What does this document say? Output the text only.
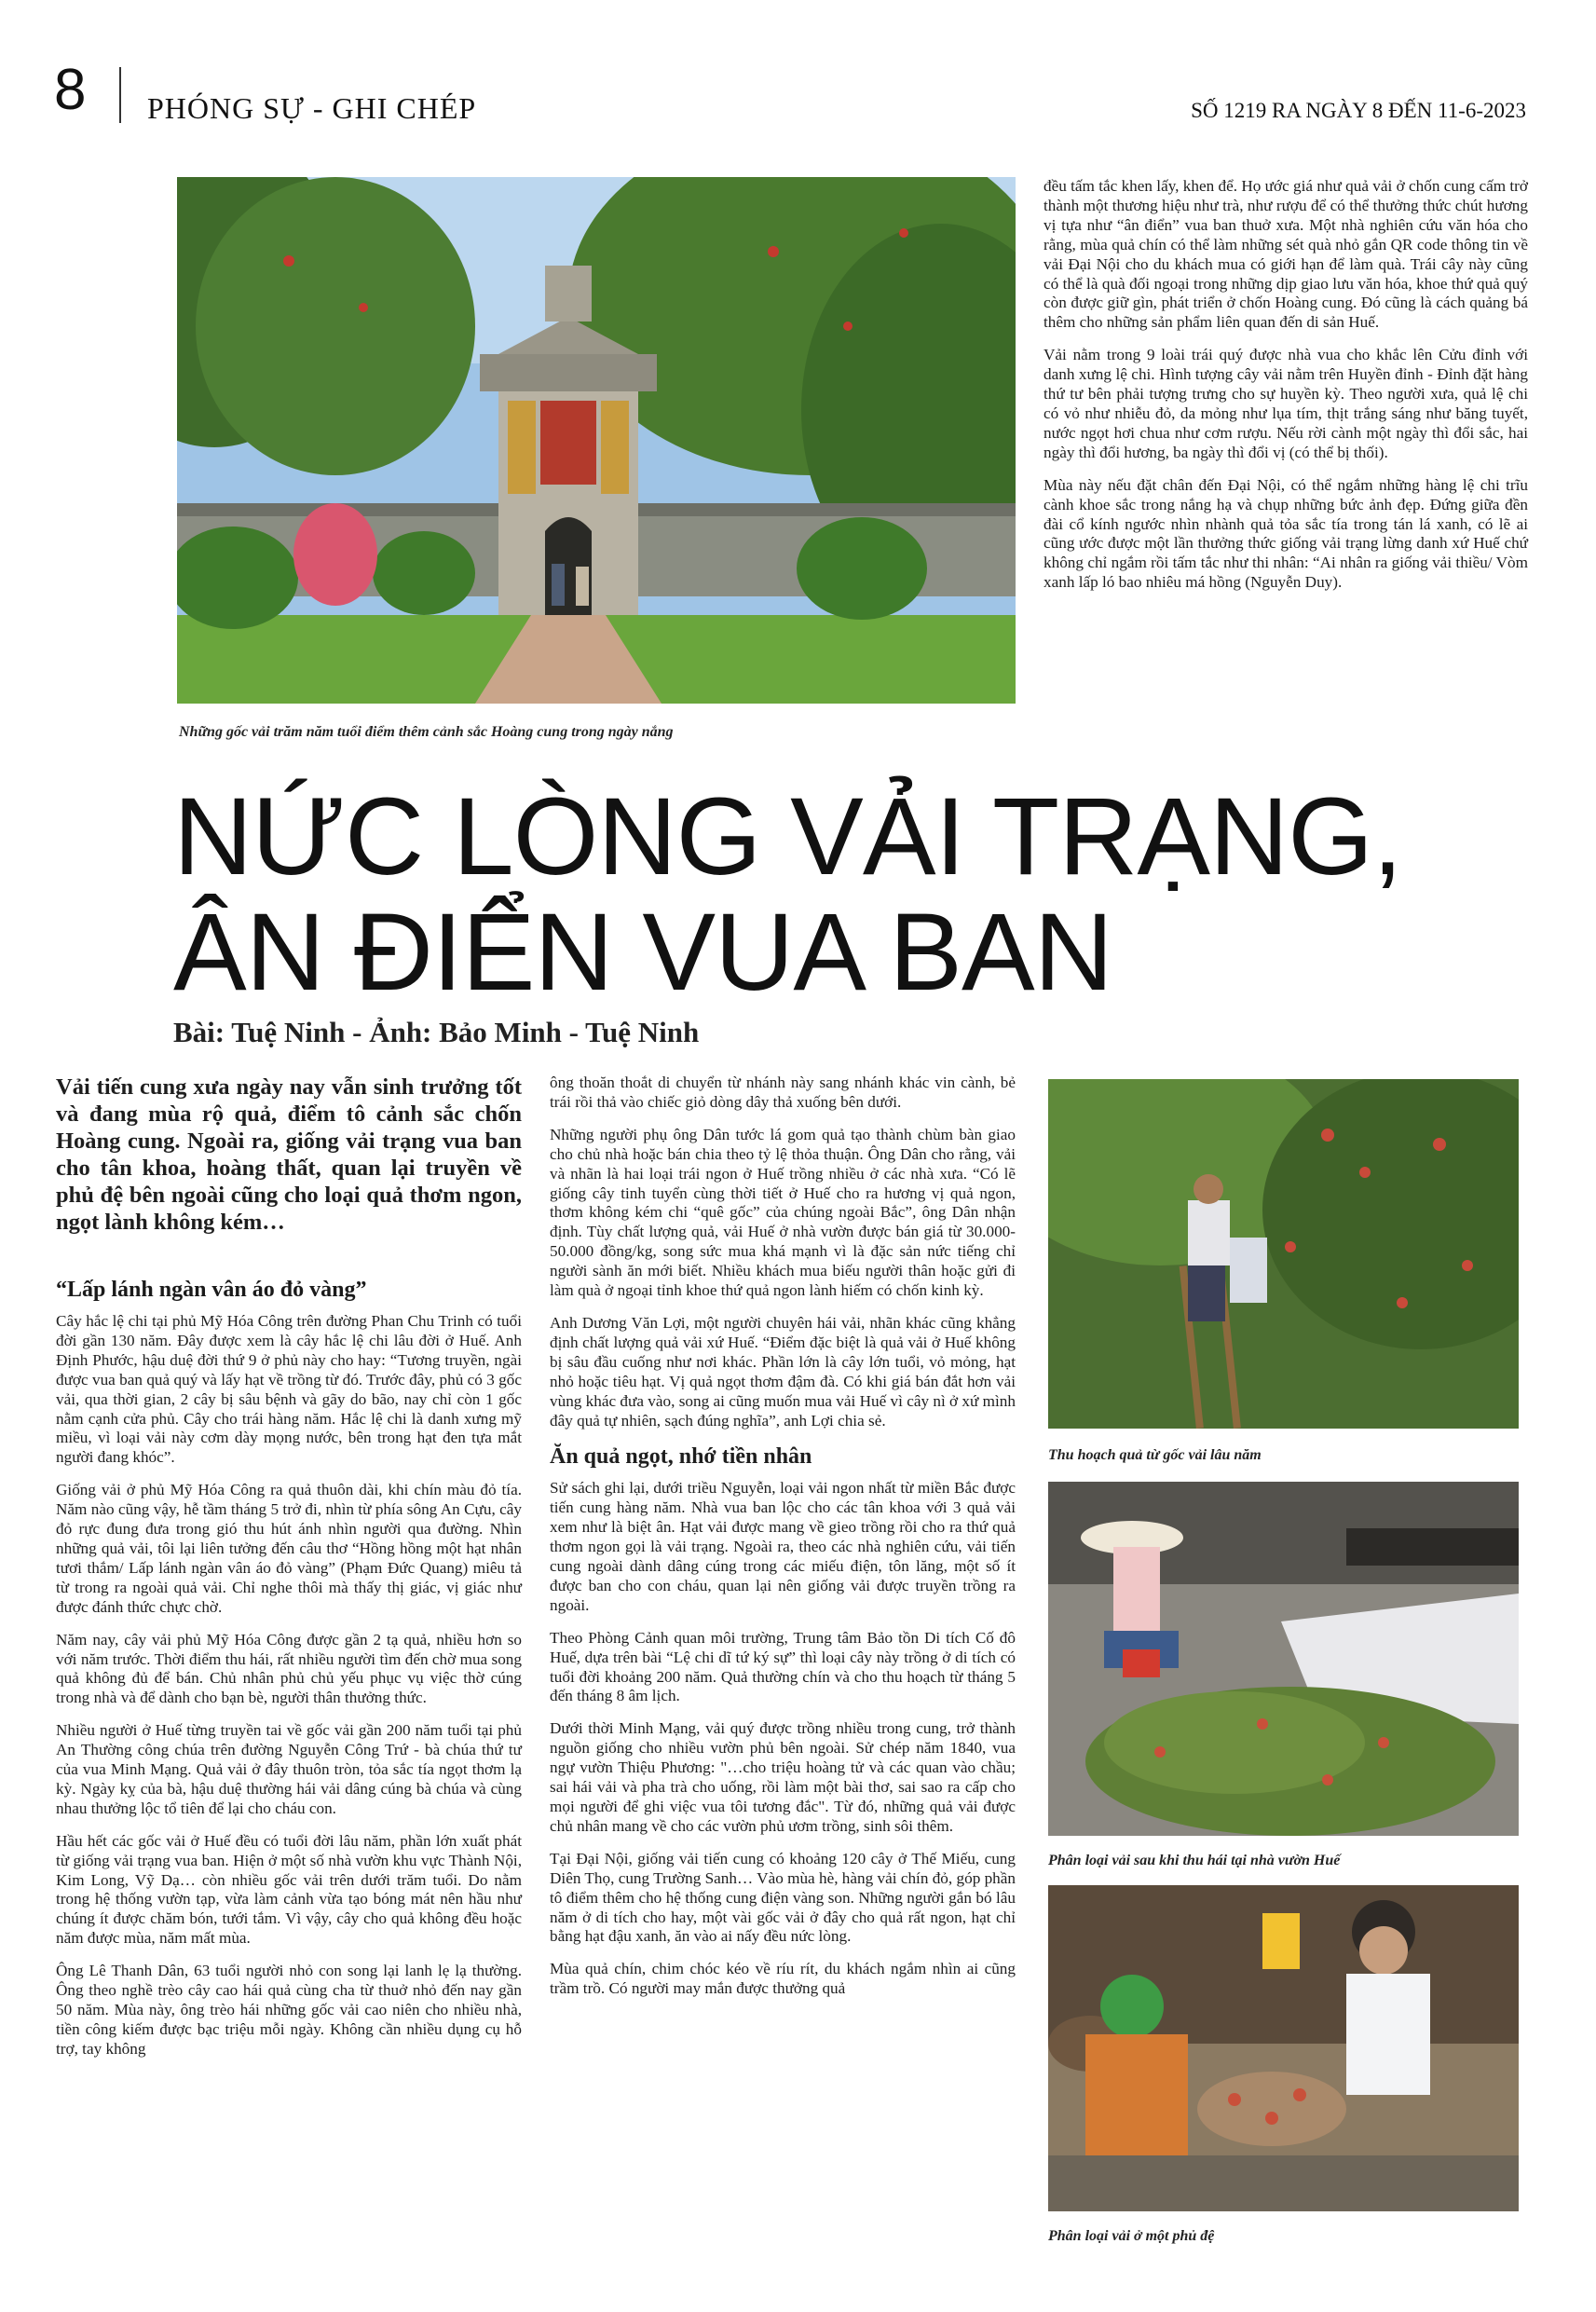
8 PHÓNG SỰ - GHI CHÉP	SỐ 1219 RA NGÀY 8 ĐẾN 11-6-2023
Những gốc vải trăm năm tuổi điểm thêm cảnh sắc Hoàng cung trong ngày nắng

đều tấm tắc khen lấy, khen để. Họ ước giá như quả vải ở chốn cung cấm trở thành một thương hiệu như trà, như rượu để có thể thưởng thức chút hương vị tựa như “ân điển” vua ban thuở xưa. Một nhà nghiên cứu văn hóa cho rằng, mùa quả chín có thể làm những sét quà nhỏ gắn QR code thông tin về vải Đại Nội cho du khách mua có giới hạn để làm quà. Trái cây này cũng có thể là quà đối ngoại trong những dịp giao lưu văn hóa, khoe thứ quả quý còn được giữ gìn, phát triển ở chốn Hoàng cung. Đó cũng là cách quảng bá thêm cho những sản phẩm liên quan đến di sản Huế.

Vải nằm trong 9 loài trái quý được nhà vua cho khắc lên Cửu đỉnh với danh xưng lệ chi. Hình tượng cây vải nằm trên Huyền đỉnh - Đỉnh đặt hàng thứ tư bên phải tượng trưng cho sự huyền kỳ. Theo người xưa, quả lệ chi có vỏ như nhiễu đỏ, da mỏng như lụa tím, thịt trắng sáng như băng tuyết, nước ngọt hơi chua như cơm rượu. Nếu rời cành một ngày thì đổi sắc, hai ngày thì đổi hương, ba ngày thì đổi vị (có thể bị thối).

Mùa này nếu đặt chân đến Đại Nội, có thể ngắm những hàng lệ chi trĩu cành khoe sắc trong nắng hạ và chụp những bức ảnh đẹp. Đứng giữa đền đài cổ kính ngước nhìn nhành quả tỏa sắc tía trong tán lá xanh, có lẽ ai cũng ước được một lần thưởng thức giống vải trạng lừng danh xứ Huế chứ không chỉ ngắm rồi tấm tắc như thi nhân: “Ai nhân ra giống vải thiều/ Vòm xanh lấp ló bao nhiêu má hồng (Nguyễn Duy).

NỨC LÒNG VẢI TRẠNG,
ÂN ĐIỂN VUA BAN
Bài: Tuệ Ninh - Ảnh: Bảo Minh - Tuệ Ninh
Vải tiến cung xưa ngày nay vẫn sinh trưởng tốt và đang mùa rộ quả, điểm tô cảnh sắc chốn Hoàng cung. Ngoài ra, giống vải trạng vua ban cho tân khoa, hoàng thất, quan lại truyền về phủ đệ bên ngoài cũng cho loại quả thơm ngon, ngọt lành không kém…
“Lấp lánh ngàn vân áo đỏ vàng”

Cây hắc lệ chi tại phủ Mỹ Hóa Công trên đường Phan Chu Trinh có tuổi đời gần 130 năm. Đây được xem là cây hắc lệ chi lâu đời ở Huế. Anh Định Phước, hậu duệ đời thứ 9 ở phủ này cho hay: “Tương truyền, ngài được vua ban quả quý và lấy hạt về trồng từ đó. Trước đây, phủ có 3 gốc vải, qua thời gian, 2 cây bị sâu bệnh và gãy do bão, nay chỉ còn 1 gốc nằm cạnh cửa phủ. Cây cho trái hàng năm. Hắc lệ chi là danh xưng mỹ miều, vì loại vải này cơm dày mọng nước, bên trong hạt đen tựa mắt người đang khóc”.

Giống vải ở phủ Mỹ Hóa Công ra quả thuôn dài, khi chín màu đỏ tía. Năm nào cũng vậy, hễ tầm tháng 5 trở đi, nhìn từ phía sông An Cựu, cây đỏ rực đung đưa trong gió thu hút ánh nhìn người qua đường. Nhìn những quả vải, tôi lại liên tưởng đến câu thơ “Hồng hồng một hạt nhân tươi thắm/ Lấp lánh ngàn vân áo đỏ vàng” (Phạm Đức Quang) miêu tả từ trong ra ngoài quả vải. Chỉ nghe thôi mà thấy thị giác, vị giác như được đánh thức chực chờ.

Năm nay, cây vải phủ Mỹ Hóa Công được gần 2 tạ quả, nhiều hơn so với năm trước. Thời điểm thu hái, rất nhiều người tìm đến chờ mua song quả không đủ để bán. Chủ nhân phủ chủ yếu phục vụ việc thờ cúng trong nhà và để dành cho bạn bè, người thân thưởng thức.

Nhiều người ở Huế từng truyền tai về gốc vải gần 200 năm tuổi tại phủ An Thường công chúa trên đường Nguyễn Công Trứ - bà chúa thứ tư của vua Minh Mạng. Quả vải ở đây thuôn tròn, tỏa sắc tía ngọt thơm lạ kỳ. Ngày kỵ của bà, hậu duệ thường hái vải dâng cúng bà chúa và cùng nhau thưởng lộc tổ tiên để lại cho cháu con.

Hầu hết các gốc vải ở Huế đều có tuổi đời lâu năm, phần lớn xuất phát từ giống vải trạng vua ban. Hiện ở một số nhà vườn khu vực Thành Nội, Kim Long, Vỹ Dạ… còn nhiều gốc vải trên dưới trăm tuổi. Do nằm trong hệ thống vườn tạp, vừa làm cảnh vừa tạo bóng mát nên hầu như chúng ít được chăm bón, tưới tắm. Vì vậy, cây cho quả không đều hoặc năm được mùa, năm mất mùa.

Ông Lê Thanh Dân, 63 tuổi người nhỏ con song lại lanh lẹ lạ thường. Ông theo nghề trèo cây cao hái quả cùng cha từ thuở nhỏ đến nay gần 50 năm. Mùa này, ông trèo hái những gốc vải cao niên cho nhiều nhà, tiền công kiếm được bạc triệu mỗi ngày. Không cần nhiều dụng cụ hỗ trợ, tay không

ông thoăn thoắt di chuyển từ nhánh này sang nhánh khác vin cành, bẻ trái rồi thả vào chiếc giỏ dòng dây thả xuống bên dưới.

Những người phụ ông Dân tước lá gom quả tạo thành chùm bàn giao cho chủ nhà hoặc bán chia theo tỷ lệ thỏa thuận. Ông Dân cho rằng, vải và nhãn là hai loại trái ngon ở Huế trồng nhiều ở các nhà xưa. “Có lẽ giống cây tinh tuyển cùng thời tiết ở Huế cho ra hương vị quả ngon, thơm không kém chi “quê gốc” của chúng ngoài Bắc”, ông Dân nhận định. Tùy chất lượng quả, vải Huế ở nhà vườn được bán giá từ 30.000-50.000 đồng/kg, song sức mua khá mạnh vì là đặc sản nức tiếng chỉ người sành ăn mới biết. Nhiều khách mua biếu người thân hoặc gửi đi làm quà ở ngoại tỉnh khoe thứ quả ngon lành hiếm có chốn kinh kỳ.

Anh Dương Văn Lợi, một người chuyên hái vải, nhãn khác cũng khẳng định chất lượng quả vải xứ Huế. “Điểm đặc biệt là quả vải ở Huế không bị sâu đầu cuống như nơi khác. Phần lớn là cây lớn tuổi, vỏ mỏng, hạt nhỏ hoặc tiêu hạt. Vị quả ngọt thơm đậm đà. Có khi giá bán đắt hơn vải vùng khác đưa vào, song ai cũng muốn mua vải Huế vì cây nì ở xứ mình đây quả tự nhiên, sạch đúng nghĩa”, anh Lợi chia sẻ.

Ăn quả ngọt, nhớ tiền nhân

Sử sách ghi lại, dưới triều Nguyễn, loại vải ngon nhất từ miền Bắc được tiến cung hàng năm. Nhà vua ban lộc cho các tân khoa với 3 quả vải xem như là biệt ân. Hạt vải được mang về gieo trồng rồi cho ra thứ quả thơm ngon gọi là vải trạng. Ngoài ra, theo các nhà nghiên cứu, vải tiến cung ngoài dành dâng cúng trong các miếu điện, tôn lăng, một số ít được ban cho con cháu, quan lại nên giống vải được truyền trồng ra ngoài.

Theo Phòng Cảnh quan môi trường, Trung tâm Bảo tồn Di tích Cố đô Huế, dựa trên bài “Lệ chi dĩ tứ ký sự” thì loại cây này trồng ở di tích có tuổi đời khoảng 200 năm. Quả thường chín và cho thu hoạch từ tháng 5 đến tháng 8 âm lịch.

Dưới thời Minh Mạng, vải quý được trồng nhiều trong cung, trở thành nguồn giống cho nhiều vườn phủ bên ngoài. Sử chép năm 1840, vua ngự vườn Thiệu Phương: "…cho triệu hoàng tử và các quan vào chầu; sai hái vải và pha trà cho uống, rồi làm một bài thơ, sai sao ra cấp cho mọi người để ghi việc vua tôi tương đắc". Từ đó, những quả vải được chủ nhân mang về cho các vườn phủ ươm trồng, sinh sôi thêm.

Tại Đại Nội, giống vải tiến cung có khoảng 120 cây ở Thế Miếu, cung Diên Thọ, cung Trường Sanh… Vào mùa hè, hàng vải chín đỏ, góp phần tô điểm thêm cho hệ thống cung điện vàng son. Những người gắn bó lâu năm ở di tích cho hay, một vài gốc vải ở đây cho quả rất ngon, hạt chỉ bằng hạt đậu xanh, ăn vào ai nấy đều nức lòng.

Mùa quả chín, chim chóc kéo về ríu rít, du khách ngắm nhìn ai cũng trầm trồ. Có người may mắn được thưởng quả

Thu hoạch quả từ gốc vải lâu năm
Phân loại vải sau khi thu hái tại nhà vườn Huế
Phân loại vải ở một phủ đệ
